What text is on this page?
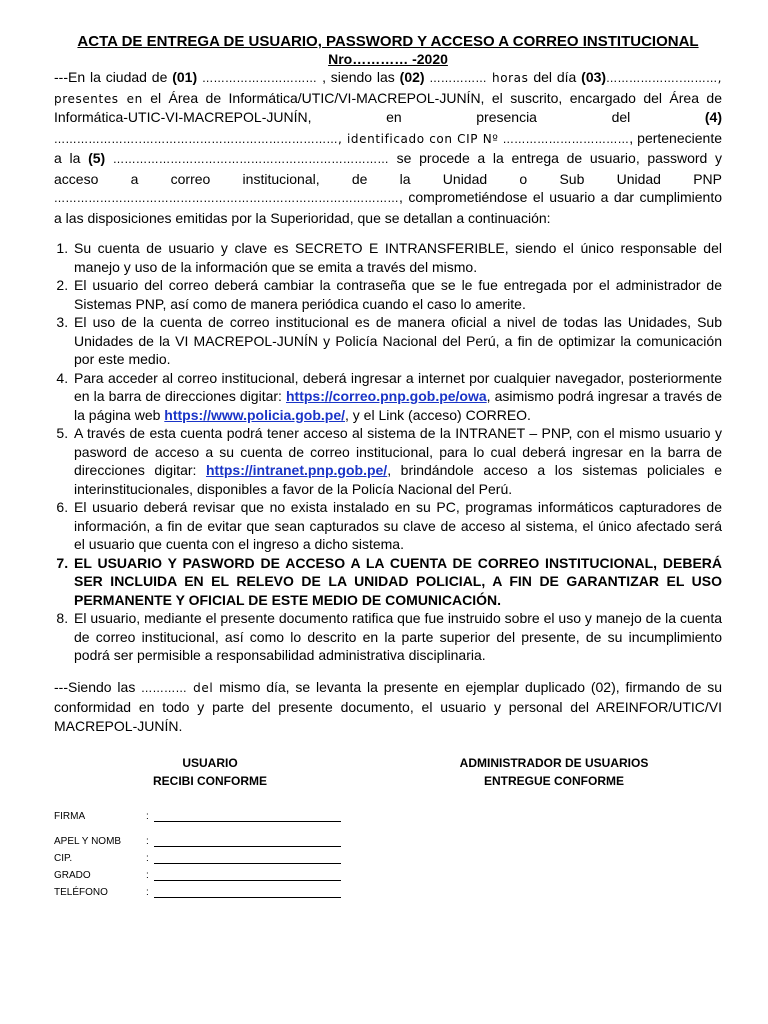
ACTA DE ENTREGA DE USUARIO, PASSWORD Y ACCESO A CORREO INSTITUCIONAL

Nro………… -2020

---En la ciudad de (01) ………………………… , siendo las (02) …………… horas del día (03)………………..………, presentes en el Área de Informática/UTIC/VI-MACREPOL-JUNÍN, el suscrito, encargado del Área de Informática-UTIC-VI-MACREPOL-JUNÍN, en presencia del (4) …………………..……………………………………………, identificado con CIP Nº ……………………………, perteneciente a la (5) ……………………………………………………………… se procede a la entrega de usuario, password y acceso a correo institucional, de la Unidad o Sub Unidad PNP ………………………………………………………………………………, comprometiéndose el usuario a dar cumplimiento a las disposiciones emitidas por la Superioridad, que se detallan a continuación:

1. Su cuenta de usuario y clave es SECRETO E INTRANSFERIBLE, siendo el único responsable del manejo y uso de la información que se emita a través del mismo.
2. El usuario del correo deberá cambiar la contraseña que se le fue entregada por el administrador de Sistemas PNP, así como de manera periódica cuando el caso lo amerite.
3. El uso de la cuenta de correo institucional es de manera oficial a nivel de todas las Unidades, Sub Unidades de la VI MACREPOL-JUNÍN y Policía Nacional del Perú, a fin de optimizar la comunicación por este medio.
4. Para acceder al correo institucional, deberá ingresar a internet por cualquier navegador, posteriormente en la barra de direcciones digitar: https://correo.pnp.gob.pe/owa, asimismo podrá ingresar a través de la página web https://www.policia.gob.pe/, y el Link (acceso) CORREO.
5. A través de esta cuenta podrá tener acceso al sistema de la INTRANET – PNP, con el mismo usuario y pasword de acceso a su cuenta de correo institucional, para lo cual deberá ingresar en la barra de direcciones digitar: https://intranet.pnp.gob.pe/, brindándole acceso a los sistemas policiales e interinstitucionales, disponibles a favor de la Policía Nacional del Perú.
6. El usuario deberá revisar que no exista instalado en su PC, programas informáticos capturadores de información, a fin de evitar que sean capturados su clave de acceso al sistema, el único afectado será el usuario que cuenta con el ingreso a dicho sistema.
7. EL USUARIO Y PASWORD DE ACCESO A LA CUENTA DE CORREO INSTITUCIONAL, DEBERÁ SER INCLUIDA EN EL RELEVO DE LA UNIDAD POLICIAL, A FIN DE GARANTIZAR EL USO PERMANENTE Y OFICIAL DE ESTE MEDIO DE COMUNICACIÓN.
8. El usuario, mediante el presente documento ratifica que fue instruido sobre el uso y manejo de la cuenta de correo institucional, así como lo descrito en la parte superior del presente, de su incumplimiento podrá ser permisible a responsabilidad administrativa disciplinaria.

---Siendo las ………… del mismo día, se levanta la presente en ejemplar duplicado (02), firmando de su conformidad en todo y parte del presente documento, el usuario y personal del AREINFOR/UTIC/VI MACREPOL-JUNÍN.

USUARIO
RECIBI CONFORME
ADMINISTRADOR DE USUARIOS
ENTREGUE CONFORME
FIRMA	:
APEL Y NOMB	:
CIP.	:
GRADO	:
TELÉFONO	:
